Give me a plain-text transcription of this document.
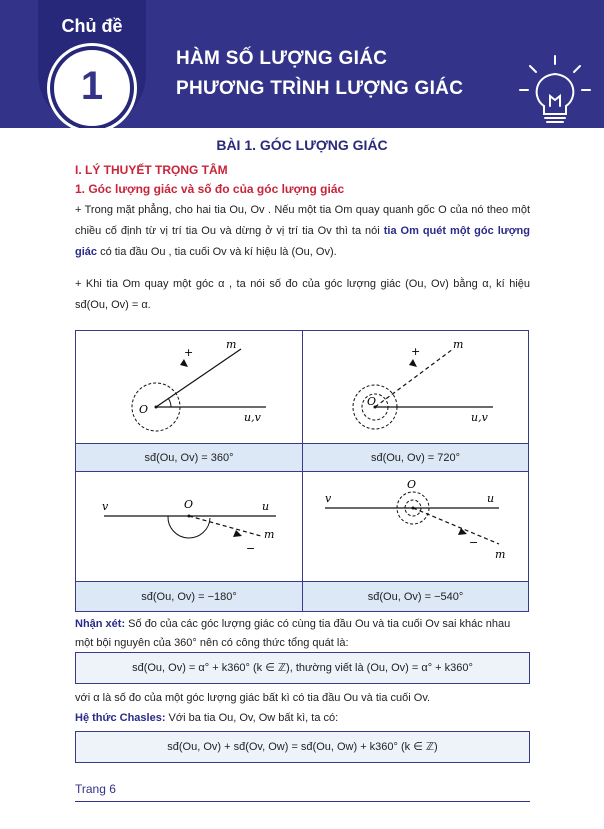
Chủ đề
1
HÀM SỐ LƯỢNG GIÁC
PHƯƠNG TRÌNH LƯỢNG GIÁC
BÀI 1. GÓC LƯỢNG GIÁC
I. LÝ THUYẾT TRỌNG TÂM
1. Góc lượng giác và số đo của góc lượng giác
+ Trong mặt phẳng, cho hai tia Ou, Ov . Nếu một tia Om quay quanh gốc O của nó theo một chiều cố định từ vị trí tia Ou và dừng ở vị trí tia Ov thì ta nói tia Om quét một góc lượng giác có tia đầu Ou , tia cuối Ov và kí hiệu là (Ou, Ov).
+ Khi tia Om quay một góc α , ta nói số đo của góc lượng giác (Ou, Ov) bằng α, kí hiệu sđ(Ou, Ov) = α.
O
m
u,v
+
sđ(Ou, Ov) = 360°
O
m
u,v
+
sđ(Ou, Ov) = 720°
v	O	u
m
−
sđ(Ou, Ov) = −180°
v
O
u
m
−
sđ(Ou, Ov) = −540°
Nhận xét: Số đo của các góc lượng giác có cùng tia đầu Ou và tia cuối Ov sai khác nhau một bội nguyên của 360° nên có công thức tổng quát là:
sđ(Ou, Ov) = α° + k360° (k ∈ ℤ), thường viết là (Ou, Ov) = α° + k360°
với α là số đo của một góc lượng giác bất kì có tia đầu Ou và tia cuối Ov.
Hệ thức Chasles: Với ba tia Ou, Ov, Ow bất kì, ta có:
sđ(Ou, Ov) + sđ(Ov, Ow) = sđ(Ou, Ow) + k360° (k ∈ ℤ)
Trang 6
